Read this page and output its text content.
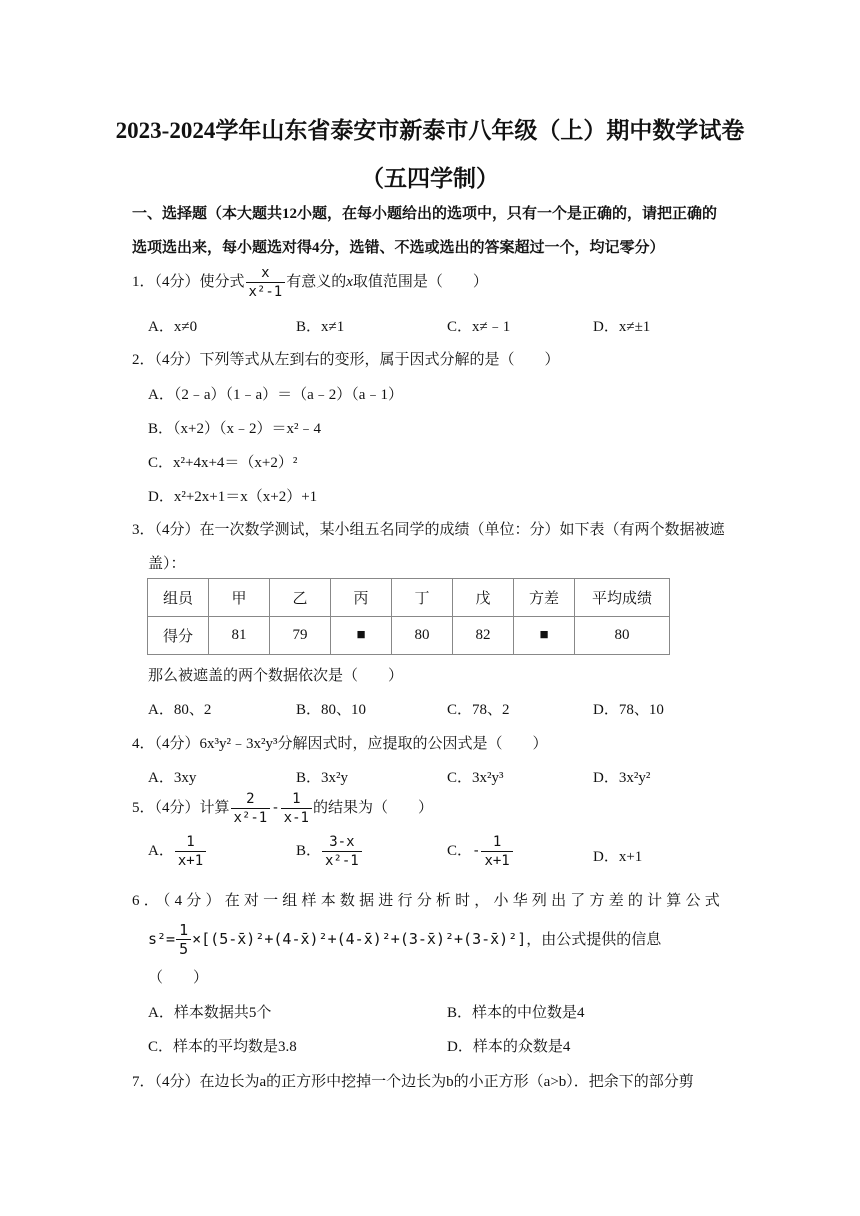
2023-2024学年山东省泰安市新泰市八年级（上）期中数学试卷
（五四学制）
一、选择题（本大题共12小题，在每小题给出的选项中，只有一个是正确的，请把正确的
选项选出来，每小题选对得4分，选错、不选或选出的答案超过一个，均记零分）
1．（4分）使分式 $\frac{x}{\text{x²-1}}$ 有意义的x取值范围是（　　）
A．x≠0	B．x≠1	C．x≠﹣1	D．x≠±1
2．（4分）下列等式从左到右的变形，属于因式分解的是（　　）
A．（2﹣a）（1﹣a）＝（a﹣2）（a﹣1）
B．（x+2）（x﹣2）＝x²﹣4
C．x²+4x+4＝（x+2）²
D．x²+2x+1＝x（x+2）+1
3．（4分）在一次数学测试，某小组五名同学的成绩（单位：分）如下表（有两个数据被遮
盖）：
组员	甲	乙	丙	丁	戊	方差	平均成绩
得分	81	79	■	80	82	■	80
那么被遮盖的两个数据依次是（　　）
A．80、2	B．80、10	C．78、2	D．78、10
4．（4分）6x³y²﹣3x²y³分解因式时，应提取的公因式是（　　）
A．3xy	B．3x²y	C．3x²y³	D．3x²y²
5．（4分）计算 $\frac{2}{\text{x²-1}} - \frac{1}{x-1}$ 的结果为（　　）
A． $\frac{1}{x+1}$	B． $\frac{3-x}{\text{x²-1}}$	C．- $\frac{1}{x+1}$	D．x+1
6．（4分）在对一组样本数据进行分析时，小华列出了方差的计算公式
$s^2= \frac{1}{5}$ ×[(5-x̄)²+(4-x̄)²+(4-x̄)²+(3-x̄)²+(3-x̄)²]，由公式提供的信息
（　　）
A．样本数据共5个	B．样本的中位数是4
C．样本的平均数是3.8	D．样本的众数是4
7．（4分）在边长为a的正方形中挖掉一个边长为b的小正方形（a>b）．把余下的部分剪
